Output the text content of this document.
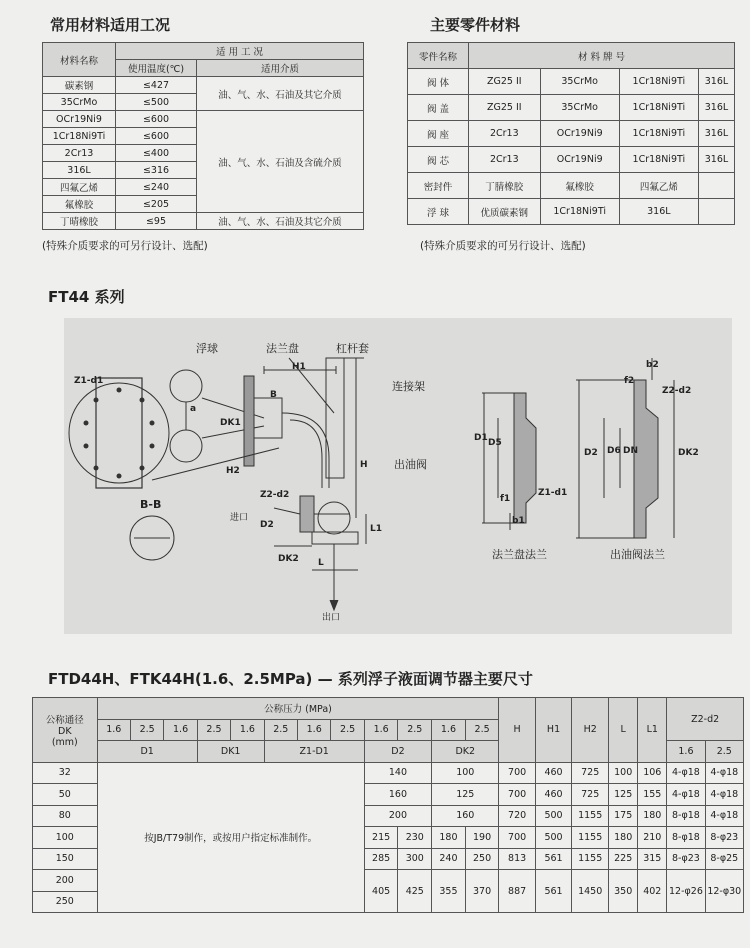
常用材料适用工况
材料名称	适 用 工 况	
	使用温度(℃)	适用介质
碳素钢	≤427	油、气、水、石油及其它介质
35CrMo	≤500	
OCr19Ni9	≤600	油、气、水、石油及含硫介质
1Cr18Ni9Ti	≤600	
2Cr13	≤400	
316L	≤316	
四氟乙烯	≤240	
氟橡胶	≤205	
丁晴橡胶	≤95	油、气、水、石油及其它介质
(特殊介质要求的可另行设计、选配)
主要零件材料
零件名称	材 料 牌 号			
阀 体	ZG25 II	35CrMo	1Cr18Ni9Ti	316L
阀 盖	ZG25 II	35CrMo	1Cr18Ni9Ti	316L
阀 座	2Cr13	OCr19Ni9	1Cr18Ni9Ti	316L
阀 芯	2Cr13	OCr19Ni9	1Cr18Ni9Ti	316L
密封件	丁腈橡胶	氟橡胶	四氟乙烯	
浮 球	优质碳素钢	1Cr18Ni9Ti	316L	
(特殊介质要求的可另行设计、选配)
FT44 系列
浮球	法兰盘	杠杆套
连接架
出油阀
进口
出口
B-B
Z1-d1
H1
H2
H
Z2-d2
D2
DK2 L
L1
B
a
DK1
D1 D5
f1
b1
Z1-d1
b2
f2
Z2-d2
D2 D6 DN	DK2
法兰盘法兰	出油阀法兰
FTD44H、FTK44H(1.6、2.5MPa) — 系列浮子液面调节器主要尺寸
公称通径
DK
(mm)	公称压力 (MPa)												H	H1	H2	L	L1	Z2-d2	
	1.6	2.5	1.6	2.5	1.6	2.5	1.6	2.5	1.6	2.5	1.6	2.5							
	D1			DK1		Z1-D1			D2		DK2							1.6	2.5
32	按JB/T79制作，或按用户指定标准制作。								140		100		700	460	725	100	106	4-φ18	4-φ18
50									160		125		700	460	725	125	155	4-φ18	4-φ18
80									200		160		720	500	1155	175	180	8-φ18	4-φ18
100									215	230	180	190	700	500	1155	180	210	8-φ18	8-φ23
150									285	300	240	250	813	561	1155	225	315	8-φ23	8-φ25
200									405	425	355	370	887	561	1450	350	402	12-φ26	12-φ30
250																			
